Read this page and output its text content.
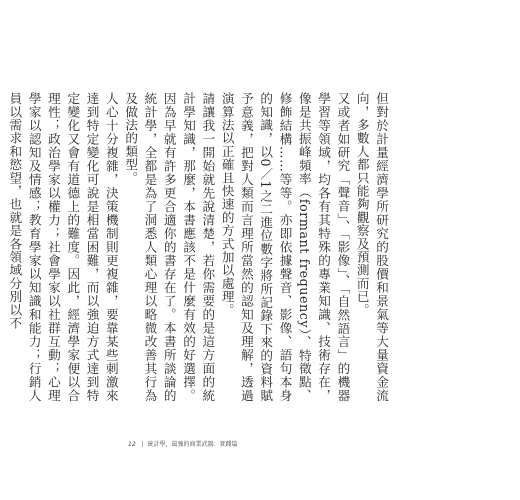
但對於計量經濟學所研究的股價和景氣等大量資金流向，多數人都只能夠觀察及預測而已。

又或者如研究「聲音」、「影像」、「自然語言」的機器學習等領域，均各有其特殊的專業知識、技術存在，像是共振峰頻率（formant frequency）、特徵點、修飾結構……等等。亦即依據聲音、影像、語句本身的知識，以0／1之二進位數字將所記錄下來的資料賦予意義，把對人類而言理所當然的認知及理解，透過演算法以正確且快速的方式加以處理。

請讓我一開始就先說清楚，若你需要的是這方面的統計學知識，那麼，本書應該不是什麼有效的好選擇。因為早就有許多更合適你的書存在了。本書所談論的統計學，全都是為了洞悉人類心理以略微改善其行為及做法的類型。

人心十分複雜，決策機制則更複雜，要靠某些刺激來達到特定變化可說是相當困難，而以強迫方式達到特定變化又會有道德上的難度。因此，經濟學家便以合理性；政治學家以權力；社會學家以社群互動；心理學家以認知及情感；教育學家以知識和能力；行銷人員以需求和慾望，也就是各領域分別以不

12 | 統計學，最強的商業武器：實踐篇
